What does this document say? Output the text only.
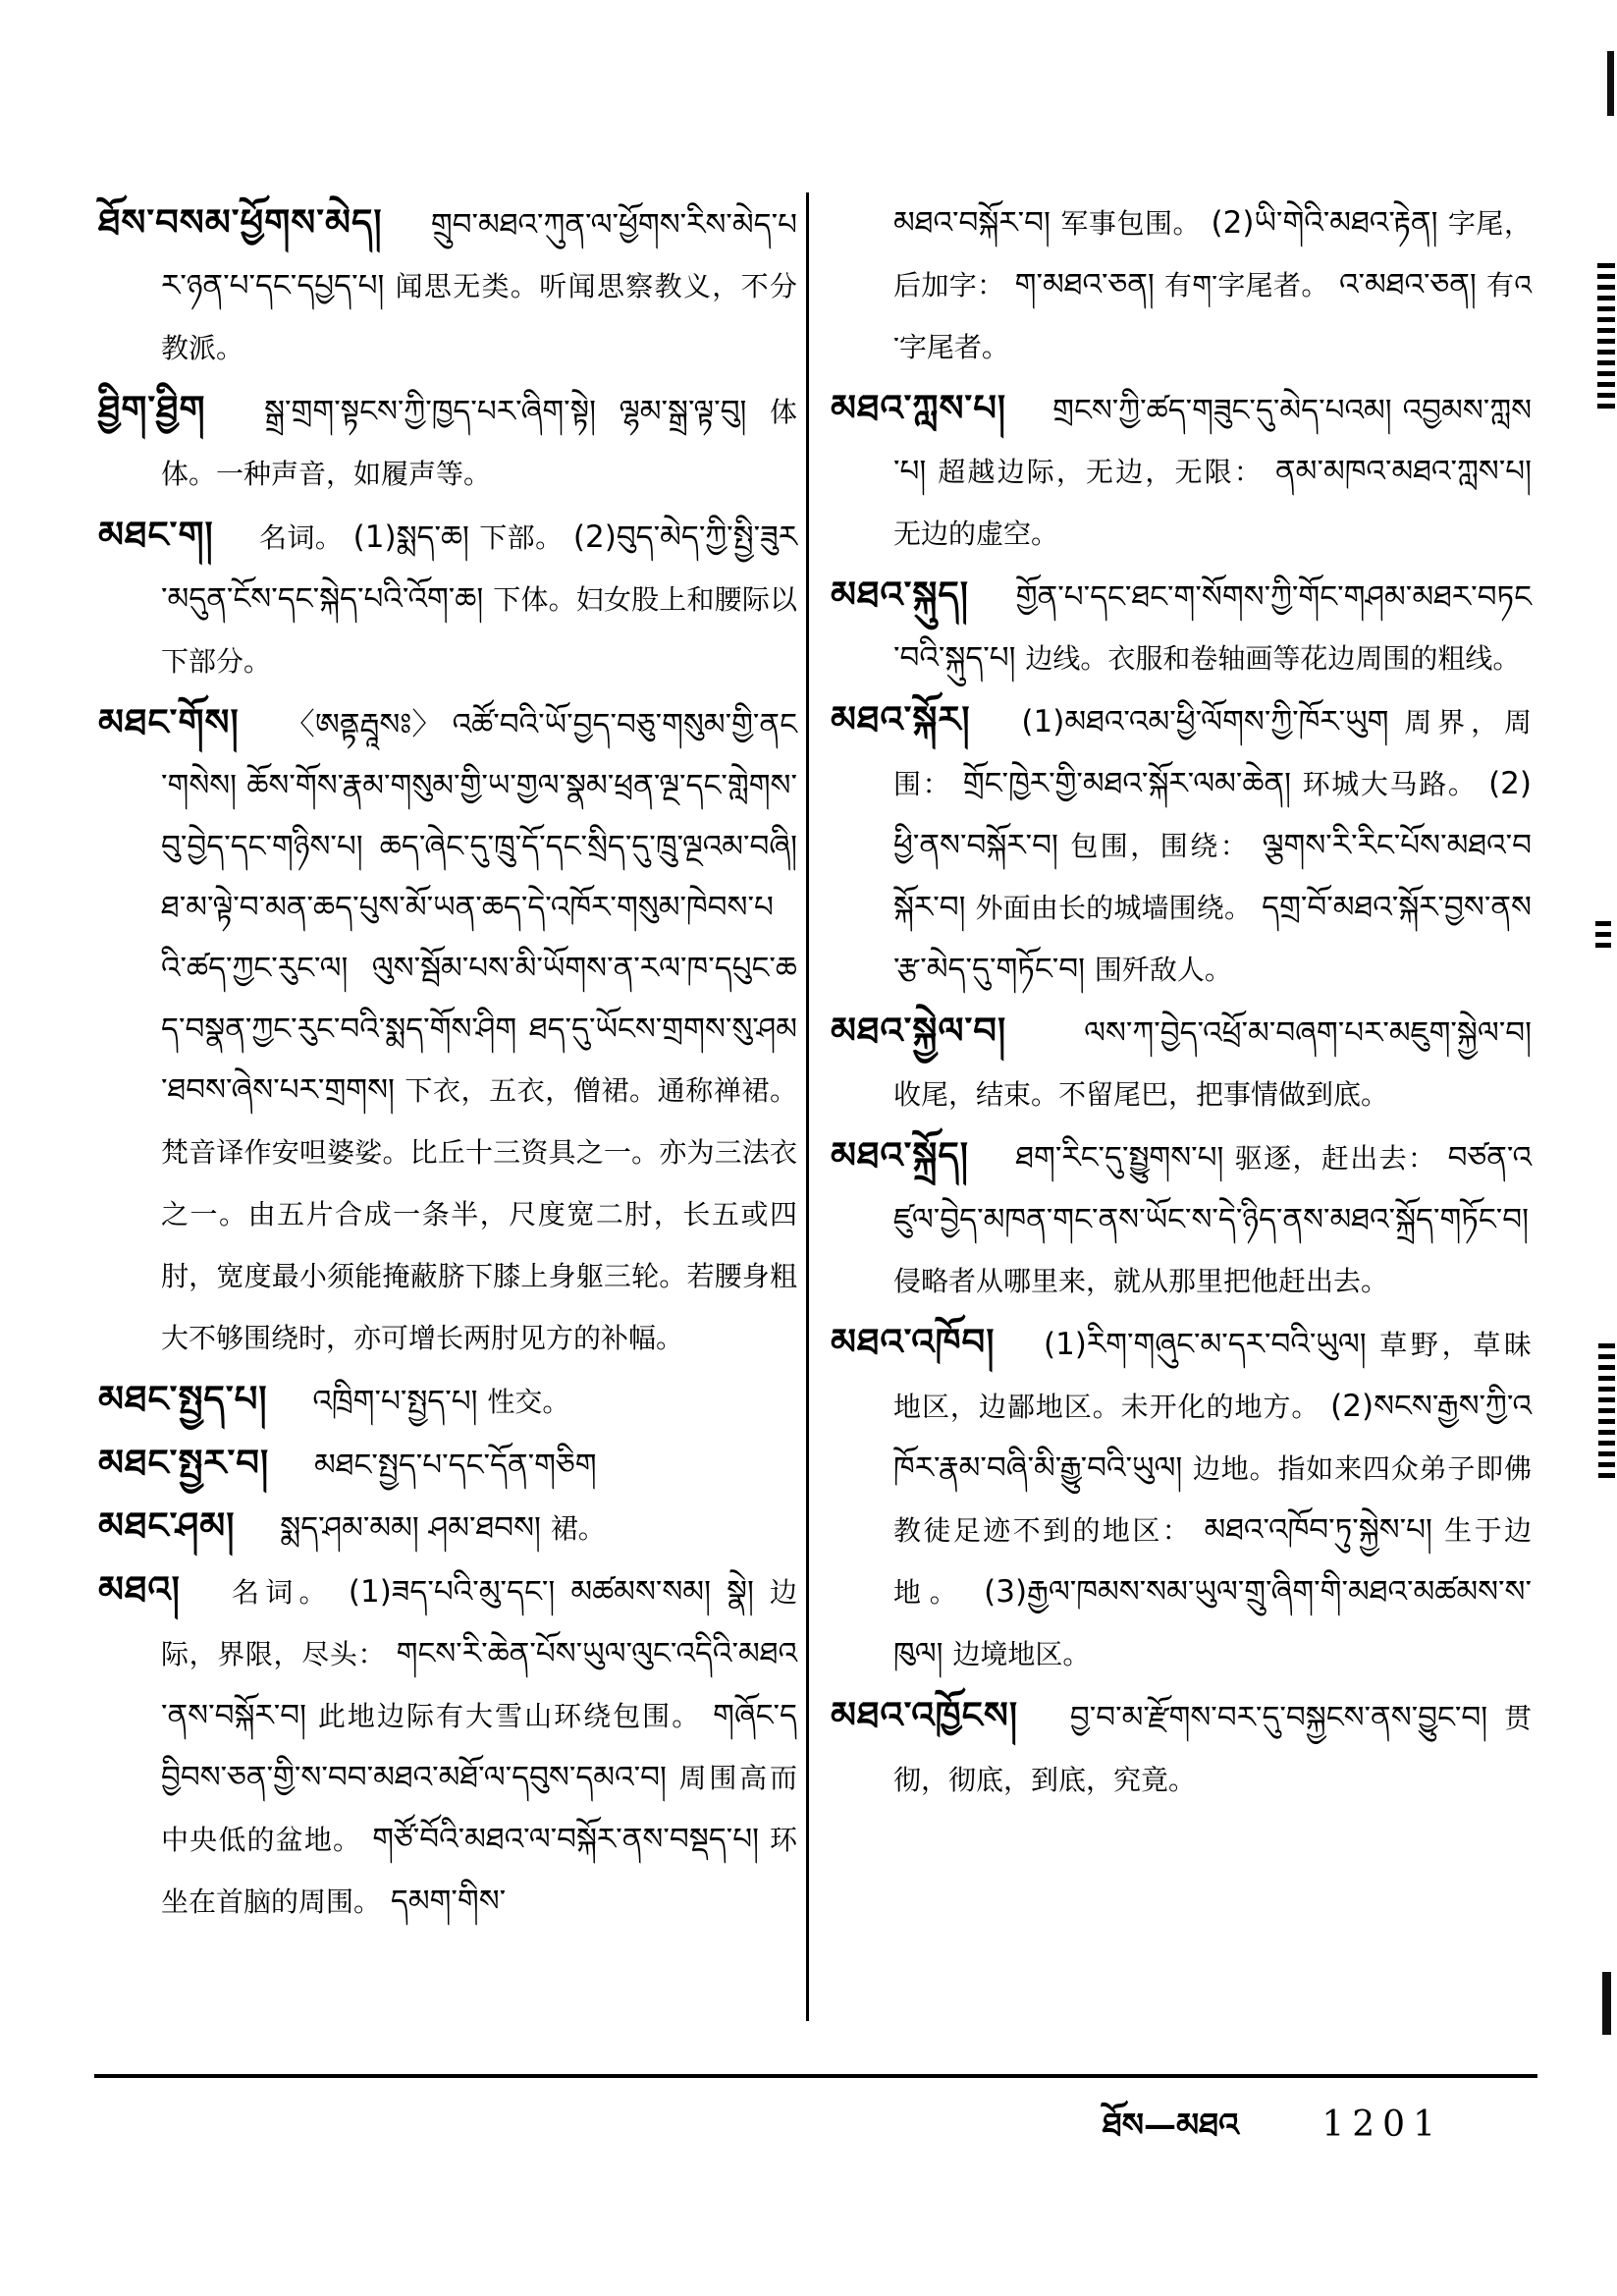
ཐོས་བསམ་ཕྱོགས་མེད། གྲུབ་མཐའ་ཀུན་ལ་ཕྱོགས་རིས་མེད་པར་ཉན་པ་དང་དཔྱད་པ། 闻思无类。听闻思察教义，不分教派。
ཐྱིག་ཐྱིག སྒྲ་གྲག་སྟངས་ཀྱི་ཁྱད་པར་ཞིག་སྟེ། ལྷམ་སྒྲ་ལྟ་བུ། 体体。一种声音，如履声等。
མཐང་ག། 名词。 (1)སྨད་ཆ། 下部。 (2)བུད་མེད་ཀྱི་སྤྱི་ཟུར་མདུན་ངོས་དང་སྐེད་པའི་འོག་ཆ། 下体。妇女股上和腰际以下部分。
མཐང་གོས། 〈ཨནྟརྦཱསཿ〉 འཚོ་བའི་ཡོ་བྱད་བཅུ་གསུམ་གྱི་ནང་གསེས། ཆོས་གོས་རྣམ་གསུམ་གྱི་ཡ་གྱལ་སྣམ་ཕྲན་ལྔ་དང་གླེགས་བུ་བྱེད་དང་གཉིས་པ། ཆད་ཞེང་དུ་ཁྲུ་དོ་དང་སྲིད་དུ་ཁྲུ་ལྔའམ་བཞི། ཐ་མ་ལྟེ་བ་མན་ཆད་པུས་མོ་ཡན་ཆད་དེ་འཁོར་གསུམ་ཁེབས་པའི་ཚད་ཀྱང་རུང་ལ། ལུས་སྦོམ་པས་མི་ཡོགས་ན་རལ་ཁ་དཔུང་ཆད་བསྣན་ཀྱང་རུང་བའི་སྨད་གོས་ཤིག ཐད་དུ་ཡོངས་གྲགས་སུ་ཤམ་ཐབས་ཞེས་པར་གྲགས། 下衣，五衣，僧裙。通称禅裙。梵音译作安呾婆娑。比丘十三资具之一。亦为三法衣之一。由五片合成一条半，尺度宽二肘，长五或四肘，宽度最小须能掩蔽脐下膝上身躯三轮。若腰身粗大不够围绕时，亦可增长两肘见方的补幅。
མཐང་སྤྱད་པ། འཁྲིག་པ་སྤྱད་པ། 性交。
མཐང་སྤྱར་བ། མཐང་སྤྱད་པ་དང་དོན་གཅིག
མཐང་ཤམ། སྨད་ཤམ་མམ། ཤམ་ཐབས། 裙。
མཐའ། 名词。 (1)ཟད་པའི་མུ་དང་། མཚམས་སམ། སྣེ། 边际，界限，尽头： གངས་རི་ཆེན་པོས་ཡུལ་ལུང་འདིའི་མཐའ་ནས་བསྐོར་བ། 此地边际有大雪山环绕包围。 གཞོང་དབྱིབས་ཅན་གྱི་ས་བབ་མཐའ་མཐོ་ལ་དབུས་དམའ་བ། 周围高而中央低的盆地。 གཙོ་བོའི་མཐའ་ལ་བསྐོར་ནས་བསྡད་པ། 环坐在首脑的周围。 དམག་གིས་
མཐའ་བསྐོར་བ། 军事包围。 (2)ཡི་གེའི་མཐའ་རྟེན། 字尾，后加字： ག་མཐའ་ཅན། 有ག་字尾者。 འ་མཐའ་ཅན། 有འ་字尾者。
མཐའ་ཀླས་པ། གྲངས་ཀྱི་ཚད་གཟུང་དུ་མེད་པའམ། འབྱམས་ཀླས་པ། 超越边际，无边，无限： ནམ་མཁའ་མཐའ་ཀླས་པ། 无边的虚空。
མཐའ་སྐུད། གྱོན་པ་དང་ཐང་ག་སོགས་ཀྱི་གོང་གཤམ་མཐར་བཏང་བའི་སྐུད་པ། 边线。衣服和卷轴画等花边周围的粗线。
མཐའ་སྐོར། (1)མཐའ་འམ་ཕྱི་ལོགས་ཀྱི་ཁོར་ཡུག 周界，周围： གྲོང་ཁྱེར་གྱི་མཐའ་སྐོར་ལམ་ཆེན། 环城大马路。 (2)ཕྱི་ནས་བསྐོར་བ། 包围，围绕： ལྕགས་རི་རིང་པོས་མཐའ་བསྐོར་བ། 外面由长的城墙围绕。 དགྲ་བོ་མཐའ་སྐོར་བྱས་ནས་རྩ་མེད་དུ་གཏོང་བ། 围歼敌人。
མཐའ་སྐྱེལ་བ།	ལས་ཀ་བྱེད་འཕྲོ་མ་བཞག་པར་མཇུག་སྐྱེལ་བ། 收尾，结束。不留尾巴，把事情做到底。
མཐའ་སྐྲོད། ཐག་རིང་དུ་སྤྱུགས་པ། 驱逐，赶出去： བཙན་འཛུལ་བྱེད་མཁན་གང་ནས་ཡོང་ས་དེ་ཉིད་ནས་མཐའ་སྐྲོད་གཏོང་བ། 侵略者从哪里来，就从那里把他赶出去。
མཐའ་འཁོབ། (1)རིག་གཞུང་མ་དར་བའི་ཡུལ། 草野，草昧地区，边鄙地区。未开化的地方。 (2)སངས་རྒྱས་ཀྱི་འཁོར་རྣམ་བཞི་མི་རྒྱུ་བའི་ཡུལ། 边地。指如来四众弟子即佛教徒足迹不到的地区： མཐའ་འཁོབ་ཏུ་སྐྱེས་པ། 生于边地。 (3)རྒྱལ་ཁམས་སམ་ཡུལ་གྲུ་ཞིག་གི་མཐའ་མཚམས་ས་ཁུལ། 边境地区。
མཐའ་འཁྱོངས། བྱ་བ་མ་རྫོགས་བར་དུ་བསྐྱངས་ནས་བྱུང་བ། 贯彻，彻底，到底，究竟。
ཐོས—མཐའ 1201
